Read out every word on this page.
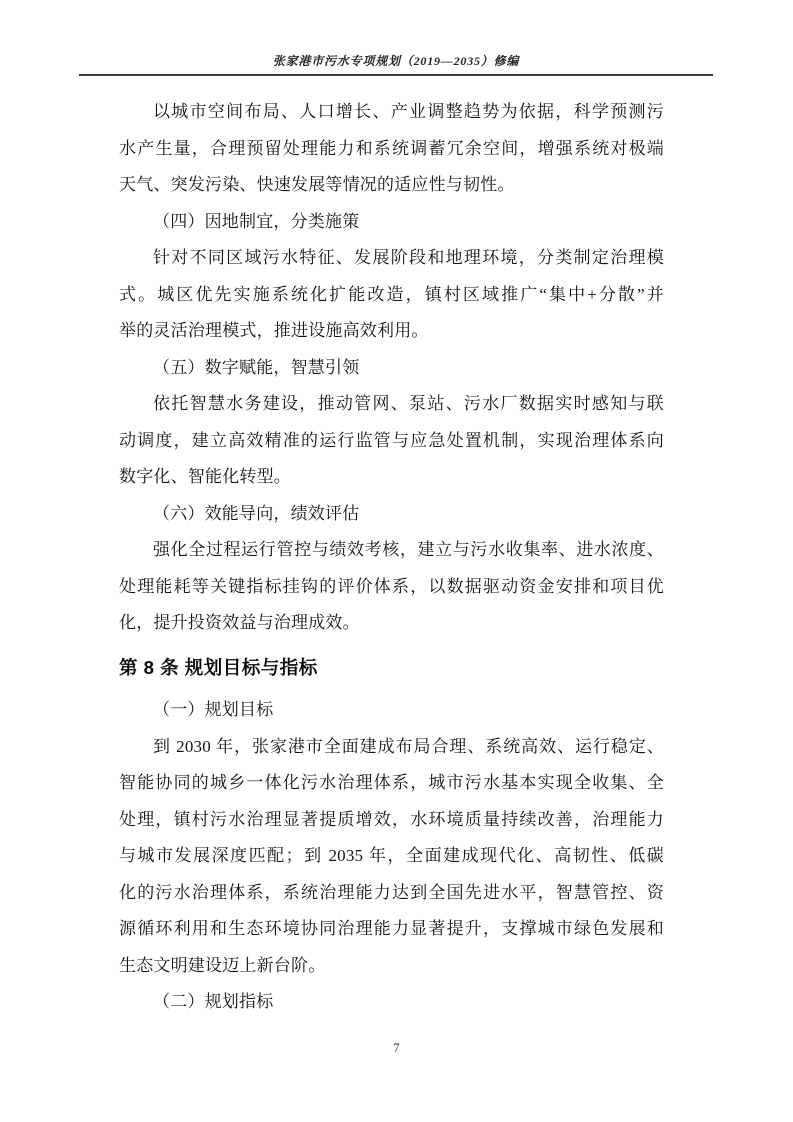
张家港市污水专项规划（2019—2035）修编
以城市空间布局、人口增长、产业调整趋势为依据，科学预测污
水产生量，合理预留处理能力和系统调蓄冗余空间，增强系统对极端
天气、突发污染、快速发展等情况的适应性与韧性。
（四）因地制宜，分类施策
针对不同区域污水特征、发展阶段和地理环境，分类制定治理模
式。城区优先实施系统化扩能改造，镇村区域推广“集中+分散”并
举的灵活治理模式，推进设施高效利用。
（五）数字赋能，智慧引领
依托智慧水务建设，推动管网、泵站、污水厂数据实时感知与联
动调度，建立高效精准的运行监管与应急处置机制，实现治理体系向
数字化、智能化转型。
（六）效能导向，绩效评估
强化全过程运行管控与绩效考核，建立与污水收集率、进水浓度、
处理能耗等关键指标挂钩的评价体系，以数据驱动资金安排和项目优
化，提升投资效益与治理成效。
第 8 条 规划目标与指标
（一）规划目标
到 2030 年，张家港市全面建成布局合理、系统高效、运行稳定、
智能协同的城乡一体化污水治理体系，城市污水基本实现全收集、全
处理，镇村污水治理显著提质增效，水环境质量持续改善，治理能力
与城市发展深度匹配；到 2035 年，全面建成现代化、高韧性、低碳
化的污水治理体系，系统治理能力达到全国先进水平，智慧管控、资
源循环利用和生态环境协同治理能力显著提升，支撑城市绿色发展和
生态文明建设迈上新台阶。
（二）规划指标
7
